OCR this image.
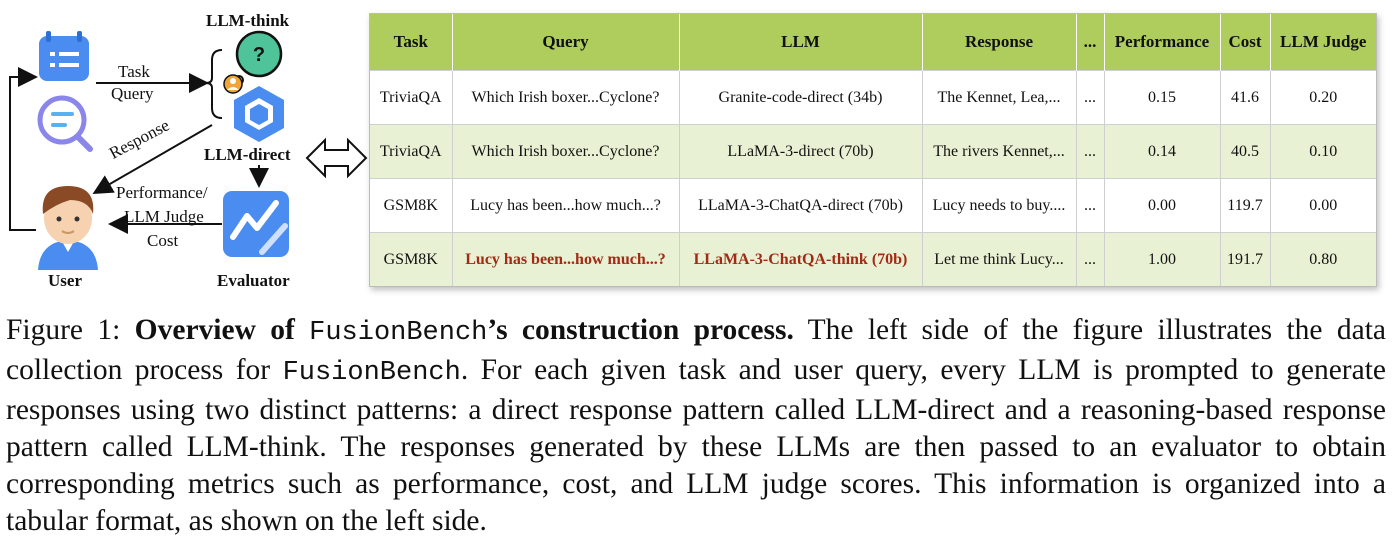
?
LLM-think
Task
Query
Response LLM-direct
Performance/
LLM Judge
Cost
User	Evaluator
Task	Query	LLM	Response	...	Performance	Cost	LLM Judge
TriviaQA	Which Irish boxer...Cyclone?	Granite-code-direct (34b)	The Kennet, Lea,...	...	0.15	41.6	0.20
TriviaQA	Which Irish boxer...Cyclone?	LLaMA-3-direct (70b)	The rivers Kennet,...	...	0.14	40.5	0.10
GSM8K	Lucy has been...how much...?	LLaMA-3-ChatQA-direct (70b)	Lucy needs to buy....	...	0.00	119.7	0.00
GSM8K	Lucy has been...how much...?	LLaMA-3-ChatQA-think (70b)	Let me think Lucy...	...	1.00	191.7	0.80
Figure 1: Overview of FusionBench’s construction process. The left side of the figure illustrates the data collection process for FusionBench. For each given task and user query, every LLM is prompted to generate responses using two distinct patterns: a direct response pattern called LLM-direct and a reasoning-based response pattern called LLM-think. The responses generated by these LLMs are then passed to an evaluator to obtain corresponding metrics such as performance, cost, and LLM judge scores. This information is organized into a tabular format, as shown on the left side.
